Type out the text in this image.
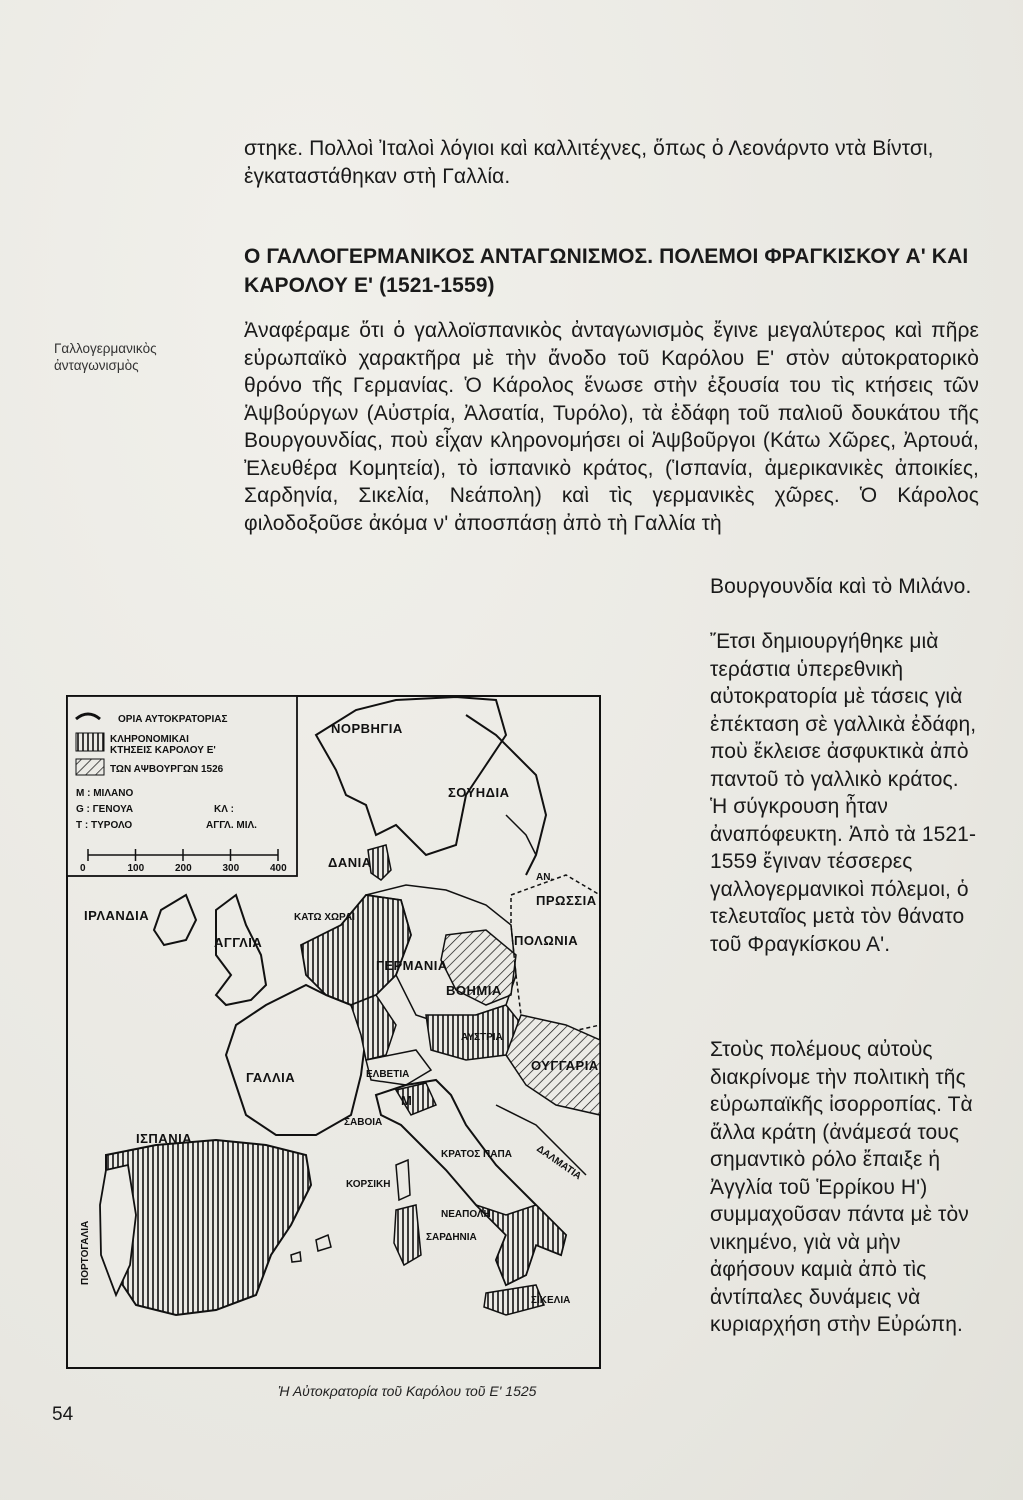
στηκε. Πολλοὶ Ἰταλοὶ λόγιοι καὶ καλλιτέχνες, ὅπως ὁ Λεονάρντο ντὰ Βίντσι, ἐγκαταστάθηκαν στὴ Γαλλία.
Ο ΓΑΛΛΟΓΕΡΜΑΝΙΚΟΣ ΑΝΤΑΓΩΝΙΣΜΟΣ. ΠΟΛΕΜΟΙ ΦΡΑΓΚΙΣΚΟΥ Α' ΚΑΙ ΚΑΡΟΛΟΥ Ε' (1521-1559)
Γαλλογερμανικὸς ἀνταγωνισμὸς
Ἀναφέραμε ὅτι ὁ γαλλοϊσπανικὸς ἀνταγωνισμὸς ἔγινε μεγαλύτερος καὶ πῆρε εὐρωπαϊκὸ χαρακτῆρα μὲ τὴν ἄνοδο τοῦ Καρόλου Ε' στὸν αὐτοκρατορικὸ θρόνο τῆς Γερμανίας. Ὁ Κάρολος ἕνωσε στὴν ἐξουσία του τὶς κτήσεις τῶν Ἁψβούργων (Αὐστρία, Ἀλσατία, Τυρόλο), τὰ ἐδάφη τοῦ παλιοῦ δουκάτου τῆς Βουργουνδίας, ποὺ εἶχαν κληρονομήσει οἱ Ἁψβοῦργοι (Κάτω Χῶρες, Ἀρτουά, Ἐλευθέρα Κομητεία), τὸ ἱσπανικὸ κράτος, (Ἱσπανία, ἀμερικανικὲς ἀποικίες, Σαρδηνία, Σικελία, Νεάπολη) καὶ τὶς γερμανικὲς χῶρες. Ὁ Κάρολος φιλοδοξοῦσε ἀκόμα ν' ἀποσπάσῃ ἀπὸ τὴ Γαλλία τὴ
Βουργουνδία καὶ τὸ Μιλάνο.
Ἔτσι δημιουργήθηκε μιὰ τεράστια ὑπερεθνικὴ αὐτοκρατορία μὲ τάσεις γιὰ ἐπέκταση σὲ γαλλικὰ ἐδάφη, ποὺ ἔκλεισε ἀσφυκτικὰ ἀπὸ παντοῦ τὸ γαλλικὸ κράτος. Ἡ σύγκρουση ἦταν ἀναπόφευκτη. Ἀπὸ τὰ 1521-1559 ἔγιναν τέσσερες γαλλογερμανικοὶ πόλεμοι, ὁ τελευταῖος μετὰ τὸν θάνατο τοῦ Φραγκίσκου Α'.
Στοὺς πολέμους αὐτοὺς διακρίνομε τὴν πολιτικὴ τῆς εὐρωπαϊκῆς ἰσορροπίας. Τὰ ἄλλα κράτη (ἀνάμεσά τους σημαντικὸ ρόλο ἔπαιξε ἡ Ἀγγλία τοῦ Ἑρρίκου Η') συμμαχοῦσαν πάντα μὲ τὸν νικημένο, γιὰ νὰ μὴν ἀφήσουν καμιὰ ἀπὸ τὶς ἀντίπαλες δυνάμεις νὰ κυριαρχήση στὴν Εὐρώπη.
ΟΡΙΑ ΑΥΤΟΚΡΑΤΟΡΙΑΣ
ΚΛΗΡΟΝΟΜΙΚΑΙ
ΚΤΗΣΕΙΣ ΚΑΡΟΛΟΥ Ε'
ΤΩΝ ΑΨΒΟΥΡΓΩΝ 1526
Μ : ΜΙΛΑΝΟ
G : ΓΕΝΟΥΑ
Τ : ΤΥΡΟΛΟ
ΚΛ :
ΑΓΓΛ. ΜΙΛ.
0	100	200	300	400
ΝΟΡΒΗΓΙΑ
ΣΟΥΗΔΙΑ
ΔΑΝΙΑ
ΙΡΛΑΝΔΙΑ
ΑΓΓΛΙΑ
ΚΑΤΩ ΧΩΡΑΙ
ΓΕΡΜΑΝΙΑ
ΒΟΗΜΙΑ
ΠΡΩΣΣΙΑ
ΑΝ.
ΠΟΛΩΝΙΑ
ΑΥΣΤΡΙΑ
ΟΥΓΓΑΡΙΑ
ΓΑΛΛΙΑ	ΕΛΒΕΤΙΑ
ΣΑΒΟΙΑ
Μ
ΙΣΠΑΝΙΑ
ΠΟΡΤΟΓΑΛΙΑ
ΚΡΑΤΟΣ ΠΑΠΑ ΔΑΛΜΑΤΙΑ
ΚΟΡΣΙΚΗ
ΝΕΑΠΟΛΗ
ΣΑΡΔΗΝΙΑ
ΣΙΚΕΛΙΑ
Ἡ Αὐτοκρατορία τοῦ Καρόλου τοῦ Ε' 1525
54
